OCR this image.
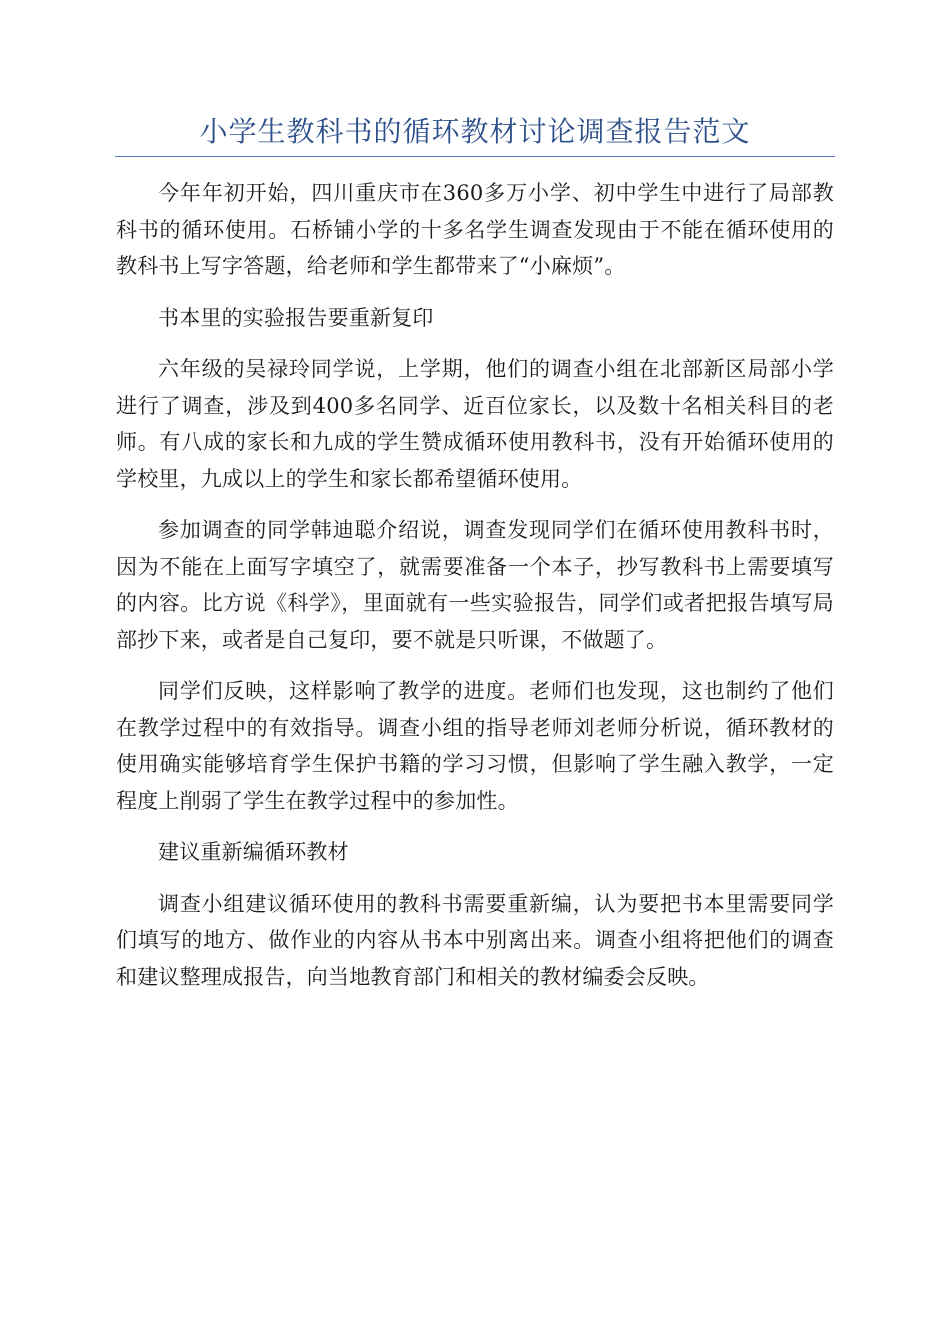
小学生教科书的循环教材讨论调查报告范文

今年年初开始，四川重庆市在360多万小学、初中学生中进行了局部教科书的循环使用。石桥铺小学的十多名学生调查发现由于不能在循环使用的教科书上写字答题，给老师和学生都带来了“小麻烦”。

书本里的实验报告要重新复印

六年级的吴禄玲同学说，上学期，他们的调查小组在北部新区局部小学进行了调查，涉及到400多名同学、近百位家长，以及数十名相关科目的老师。有八成的家长和九成的学生赞成循环使用教科书，没有开始循环使用的学校里，九成以上的学生和家长都希望循环使用。

参加调查的同学韩迪聪介绍说，调查发现同学们在循环使用教科书时，因为不能在上面写字填空了，就需要准备一个本子，抄写教科书上需要填写的内容。比方说《科学》，里面就有一些实验报告，同学们或者把报告填写局部抄下来，或者是自己复印，要不就是只听课，不做题了。

同学们反映，这样影响了教学的进度。老师们也发现，这也制约了他们在教学过程中的有效指导。调查小组的指导老师刘老师分析说，循环教材的使用确实能够培育学生保护书籍的学习习惯，但影响了学生融入教学，一定程度上削弱了学生在教学过程中的参加性。

建议重新编循环教材

调查小组建议循环使用的教科书需要重新编，认为要把书本里需要同学们填写的地方、做作业的内容从书本中别离出来。调查小组将把他们的调查和建议整理成报告，向当地教育部门和相关的教材编委会反映。
